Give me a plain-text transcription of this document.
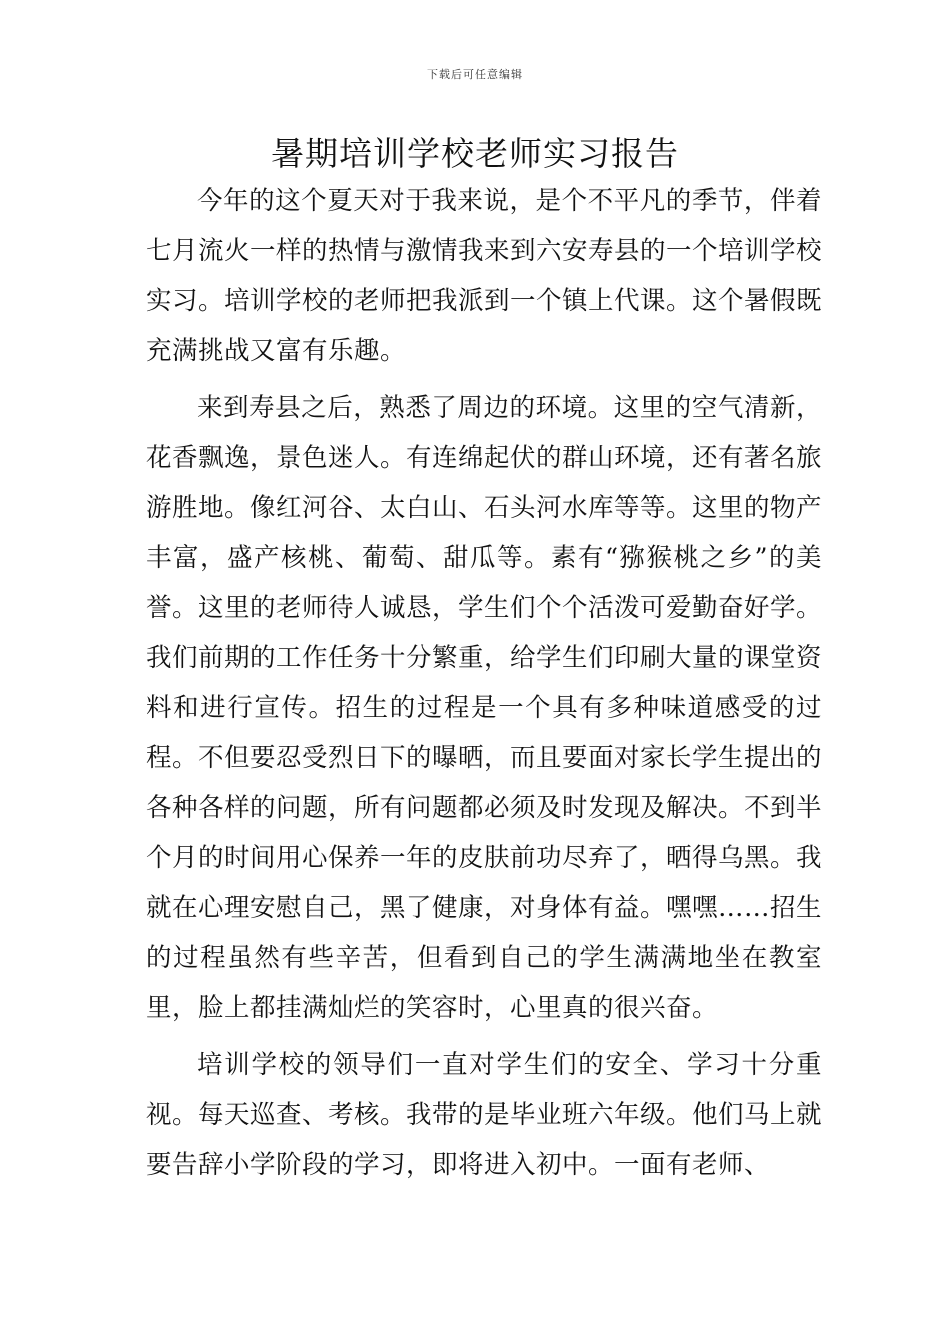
下载后可任意编辑
暑期培训学校老师实习报告

今年的这个夏天对于我来说，是个不平凡的季节，伴着七月流火一样的热情与激情我来到六安寿县的一个培训学校实习。培训学校的老师把我派到一个镇上代课。这个暑假既充满挑战又富有乐趣。

来到寿县之后，熟悉了周边的环境。这里的空气清新，花香飘逸，景色迷人。有连绵起伏的群山环境，还有著名旅游胜地。像红河谷、太白山、石头河水库等等。这里的物产丰富，盛产核桃、葡萄、甜瓜等。素有“猕猴桃之乡”的美誉。这里的老师待人诚恳，学生们个个活泼可爱勤奋好学。我们前期的工作任务十分繁重，给学生们印刷大量的课堂资料和进行宣传。招生的过程是一个具有多种味道感受的过程。不但要忍受烈日下的曝晒，而且要面对家长学生提出的各种各样的问题，所有问题都必须及时发现及解决。不到半个月的时间用心保养一年的皮肤前功尽弃了，晒得乌黑。我就在心理安慰自己，黑了健康，对身体有益。嘿嘿……招生的过程虽然有些辛苦，但看到自己的学生满满地坐在教室里，脸上都挂满灿烂的笑容时，心里真的很兴奋。

培训学校的领导们一直对学生们的安全、学习十分重视。每天巡查、考核。我带的是毕业班六年级。他们马上就要告辞小学阶段的学习，即将进入初中。一面有老师、
